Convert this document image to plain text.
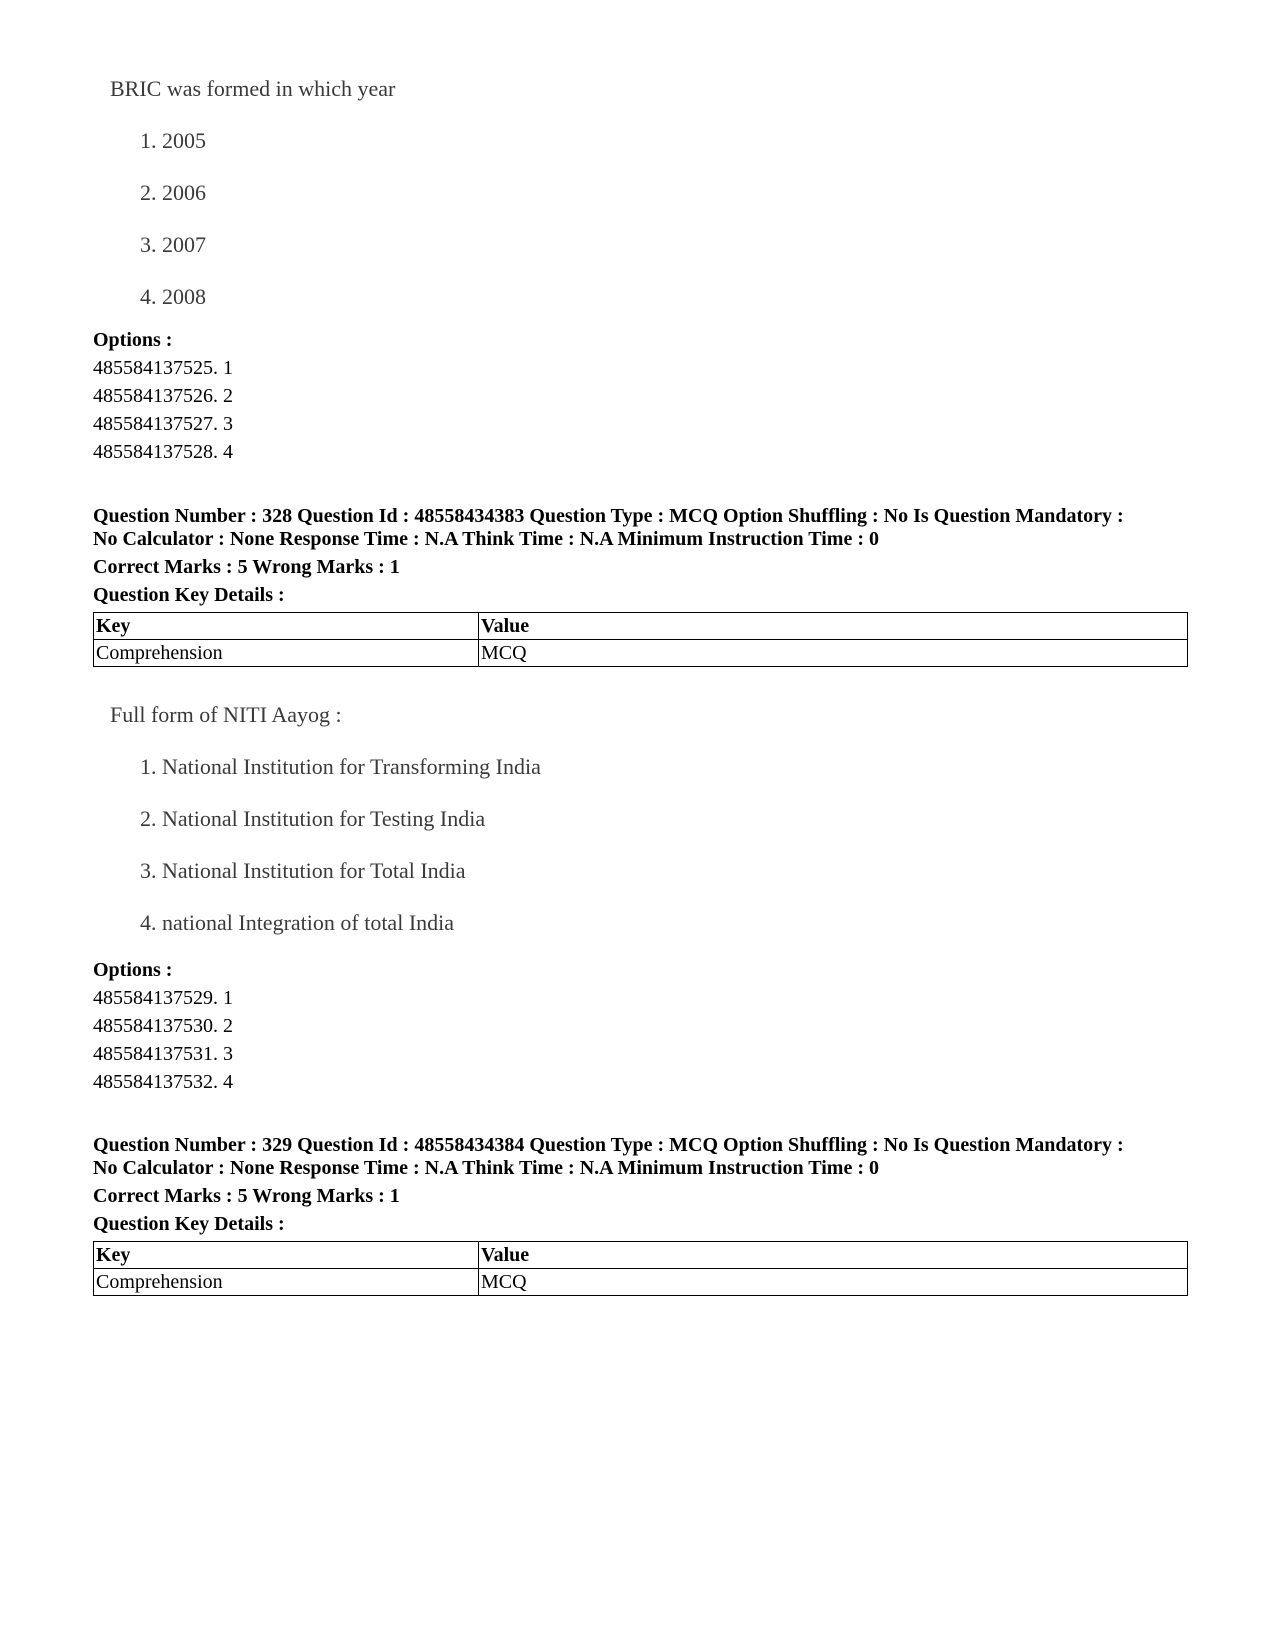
BRIC was formed in which year
1. 2005
2. 2006
3. 2007
4. 2008
Options :
485584137525. 1
485584137526. 2
485584137527. 3
485584137528. 4
Question Number : 328 Question Id : 48558434383 Question Type : MCQ Option Shuffling : No Is Question Mandatory :
No Calculator : None Response Time : N.A Think Time : N.A Minimum Instruction Time : 0
Correct Marks : 5 Wrong Marks : 1
Question Key Details :
Key	Value
Comprehension	MCQ
Full form of NITI Aayog :
1. National Institution for Transforming India
2. National Institution for Testing India
3. National Institution for Total India
4. national Integration of total India
Options :
485584137529. 1
485584137530. 2
485584137531. 3
485584137532. 4
Question Number : 329 Question Id : 48558434384 Question Type : MCQ Option Shuffling : No Is Question Mandatory :
No Calculator : None Response Time : N.A Think Time : N.A Minimum Instruction Time : 0
Correct Marks : 5 Wrong Marks : 1
Question Key Details :
Key	Value
Comprehension	MCQ
